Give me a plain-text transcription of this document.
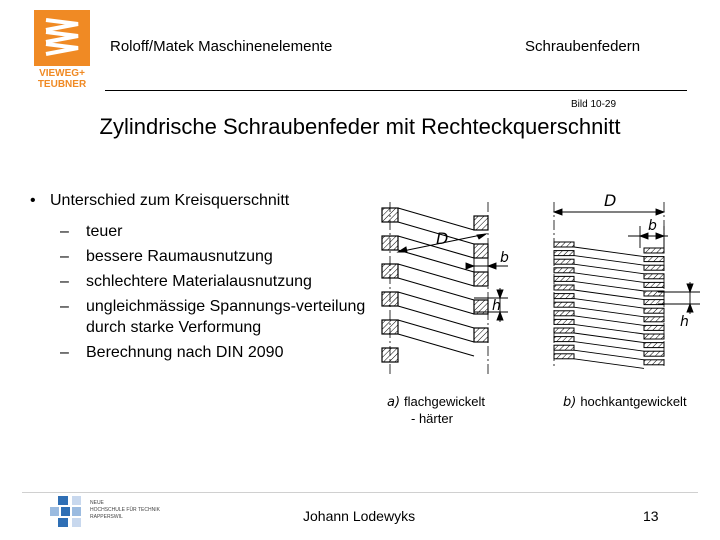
VIEWEG+
TEUBNER
Roloff/Matek Maschinenelemente	Schraubenfedern
Bild 10-29
Zylindrische Schraubenfeder mit Rechteckquerschnitt
• Unterschied zum Kreisquerschnitt
– teuer
– bessere Raumausnutzung
– schlechtere Materialausnutzung
– ungleichmässige Spannungs-verteilung durch starke Verformung
– Berechnung nach DIN 2090
D
b
h
D
b
h
a) flachgewickelt
- härter
b) hochkantgewickelt
NEUE
HOCHSCHULE FÜR TECHNIK
RAPPERSWIL	Johann Lodewyks	13
